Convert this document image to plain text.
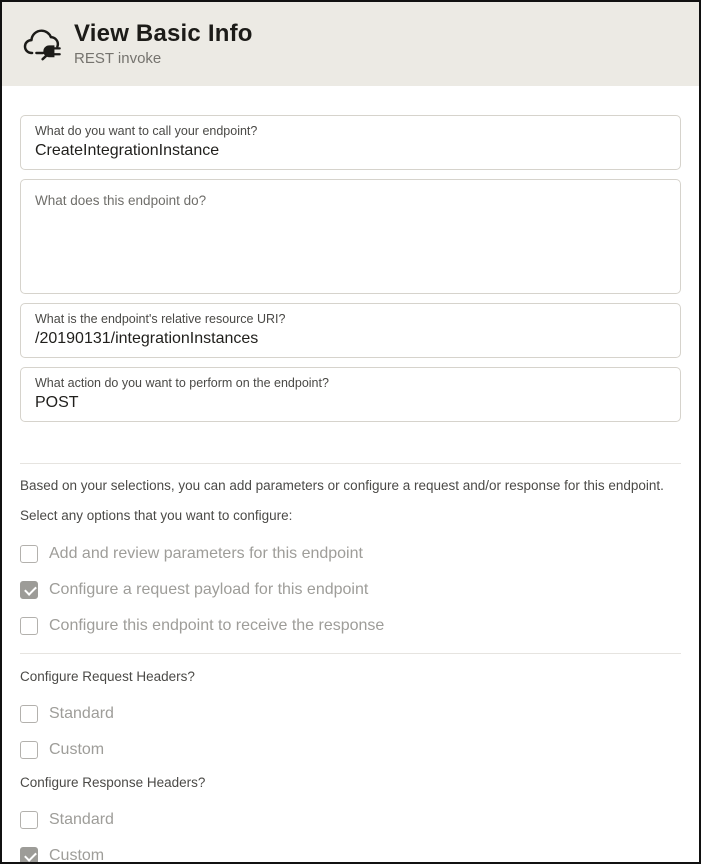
View Basic Info
REST invoke
What do you want to call your endpoint?
CreateIntegrationInstance
What does this endpoint do?
What is the endpoint's relative resource URI?
/20190131/integrationInstances
What action do you want to perform on the endpoint?
POST
Based on your selections, you can add parameters or configure a request and/or response for this endpoint.
Select any options that you want to configure:
Add and review parameters for this endpoint
Configure a request payload for this endpoint
Configure this endpoint to receive the response
Configure Request Headers?
Standard
Custom
Configure Response Headers?
Standard
Custom
